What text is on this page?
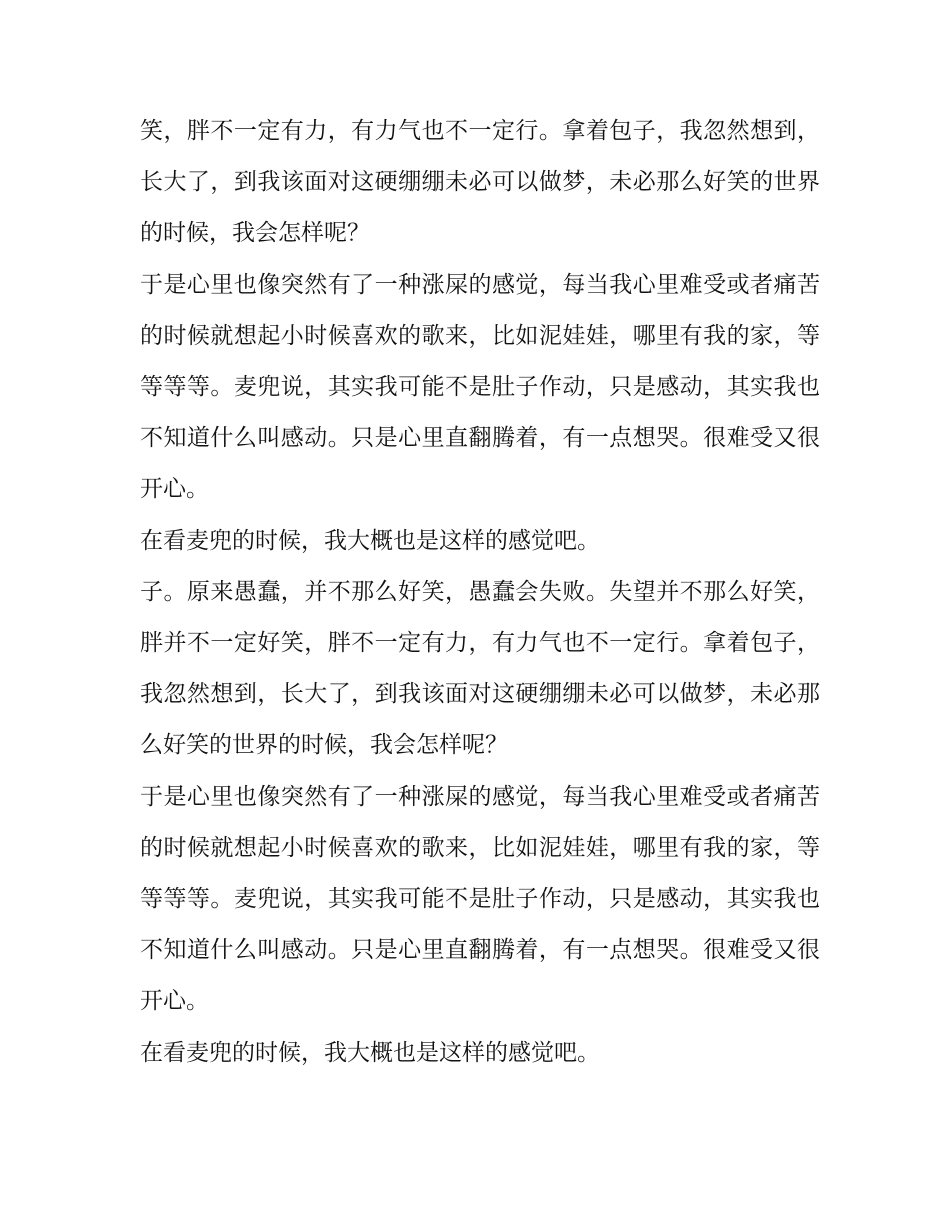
笑，胖不一定有力，有力气也不一定行。拿着包子，我忽然想到，长大了，到我该面对这硬绷绷未必可以做梦，未必那么好笑的世界的时候，我会怎样呢？

于是心里也像突然有了一种涨屎的感觉，每当我心里难受或者痛苦的时候就想起小时候喜欢的歌来，比如泥娃娃，哪里有我的家，等等等等。麦兜说，其实我可能不是肚子作动，只是感动，其实我也不知道什么叫感动。只是心里直翻腾着，有一点想哭。很难受又很开心。

在看麦兜的时候，我大概也是这样的感觉吧。

子。原来愚蠢，并不那么好笑，愚蠢会失败。失望并不那么好笑，胖并不一定好笑，胖不一定有力，有力气也不一定行。拿着包子，我忽然想到，长大了，到我该面对这硬绷绷未必可以做梦，未必那么好笑的世界的时候，我会怎样呢？

于是心里也像突然有了一种涨屎的感觉，每当我心里难受或者痛苦的时候就想起小时候喜欢的歌来，比如泥娃娃，哪里有我的家，等等等等。麦兜说，其实我可能不是肚子作动，只是感动，其实我也不知道什么叫感动。只是心里直翻腾着，有一点想哭。很难受又很开心。

在看麦兜的时候，我大概也是这样的感觉吧。
